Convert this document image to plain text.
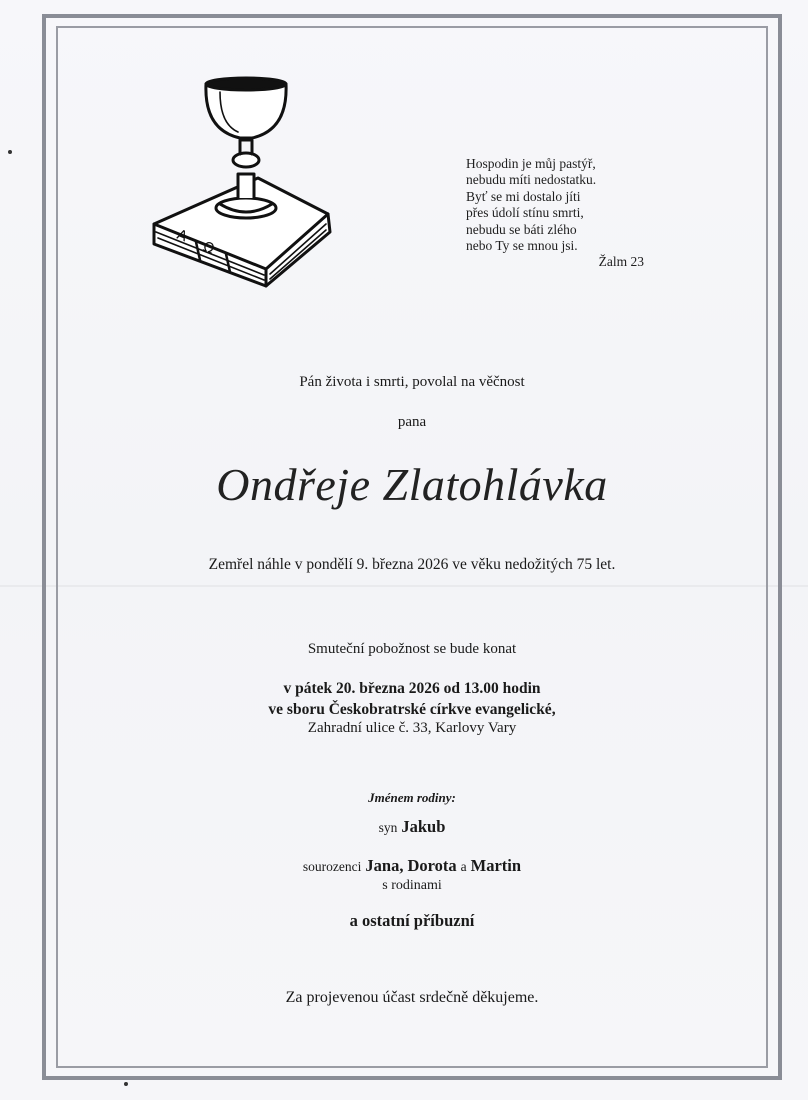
A
Ω
Hospodin je můj pastýř,
nebudu míti nedostatku.
Byť se mi dostalo jíti
přes údolí stínu smrti,
nebudu se báti zlého
nebo Ty se mnou jsi.
Žalm 23
Pán života i smrti, povolal na věčnost
pana
Ondřeje Zlatohlávka
Zemřel náhle v pondělí 9. března 2026 ve věku nedožitých 75 let.
Smuteční pobožnost se bude konat
v pátek 20. března 2026 od 13.00 hodin
ve sboru Českobratrské církve evangelické,
Zahradní ulice č. 33, Karlovy Vary
Jménem rodiny:
syn Jakub
sourozenci Jana, Dorota a Martin
s rodinami
a ostatní příbuzní
Za projevenou účast srdečně děkujeme.
